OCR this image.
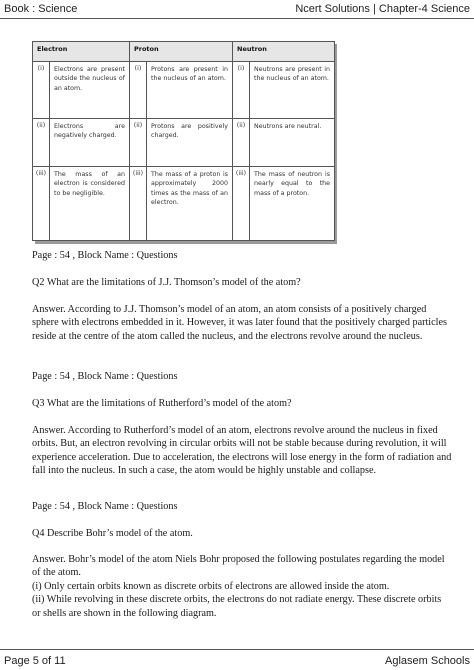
Book : Science	Ncert Solutions | Chapter-4 Science
Electron		Proton		Neutron	
(i)	Electrons are present outside the nucleus of an atom.	(i)	Protons are present in the nucleus of an atom.	(i)	Neutrons are present in the nucleus of an atom.
(ii)	Electrons are negatively charged.	(ii)	Protons are positively charged.	(ii)	Neutrons are neutral.
(iii)	The mass of an electron is considered to be negligible.	(iii)	The mass of a proton is approximately 2000 times as the mass of an electron.	(iii)	The mass of neutron is nearly equal to the mass of a proton.

Page : 54 , Block Name : Questions

Q2 What are the limitations of J.J. Thomson’s model of the atom?

Answer. According to J.J. Thomson’s model of an atom, an atom consists of a positively charged sphere with electrons embedded in it. However, it was later found that the positively charged particles reside at the centre of the atom called the nucleus, and the electrons revolve around the nucleus.

Page : 54 , Block Name : Questions

Q3 What are the limitations of Rutherford’s model of the atom?

Answer. According to Rutherford’s model of an atom, electrons revolve around the nucleus in fixed orbits. But, an electron revolving in circular orbits will not be stable because during revolution, it will experience acceleration. Due to acceleration, the electrons will lose energy in the form of radiation and fall into the nucleus. In such a case, the atom would be highly unstable and collapse.

Page : 54 , Block Name : Questions

Q4 Describe Bohr’s model of the atom.

Answer. Bohr’s model of the atom Niels Bohr proposed the following postulates regarding the model of the atom.
(i) Only certain orbits known as discrete orbits of electrons are allowed inside the atom.
(ii) While revolving in these discrete orbits, the electrons do not radiate energy. These discrete orbits or shells are shown in the following diagram.
Page 5 of 11	Aglasem Schools
